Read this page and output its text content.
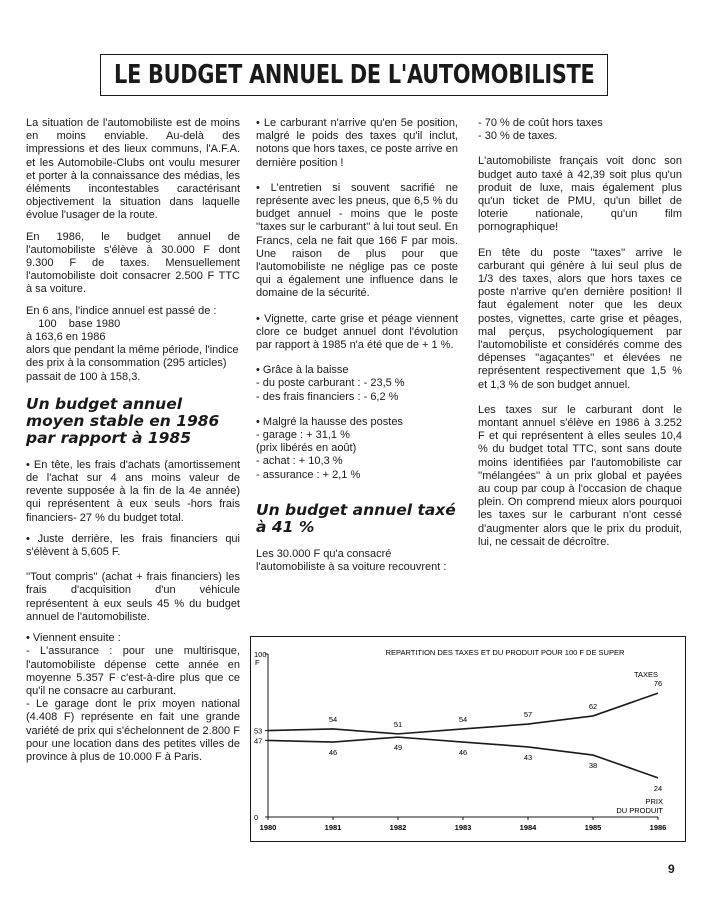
LE BUDGET ANNUEL DE L'AUTOMOBILISTE

La situation de l'automobiliste est de moins en moins enviable. Au-delà des impressions et des lieux communs, l'A.F.A. et les Automobile-Clubs ont voulu mesurer et porter à la connaissance des médias, les éléments incontestables caractérisant objectivement la situation dans laquelle évolue l'usager de la route.

En 1986, le budget annuel de l'automobiliste s'élève à 30.000 F dont 9.300 F de taxes. Mensuellement l'automobiliste doit consacrer 2.500 F TTC à sa voiture.

En 6 ans, l'indice annuel est passé de :
100    base 1980
à 163,6 en 1986
alors que pendant la même période, l'indice des prix à la consommation (295 articles) passait de 100 à 158,3.

Un budget annuel moyen stable en 1986 par rapport à 1985

• En tête, les frais d'achats (amortissement de l'achat sur 4 ans moins valeur de revente supposée à la fin de la 4e année) qui représentent à eux seuls -hors frais financiers- 27 % du budget total.

• Juste derrière, les frais financiers qui s'élèvent à 5,605 F.

''Tout compris'' (achat + frais financiers) les frais d'acquisition d'un véhicule représentent à eux seuls 45 % du budget annuel de l'automobiliste.

• Viennent ensuite :
- L'assurance : pour une multirisque, l'automobiliste dépense cette année en moyenne 5.357 F c'est-à-dire plus que ce qu'il ne consacre au carburant.
- Le garage dont le prix moyen national (4.408 F) représente en fait une grande variété de prix qui s'échelonnent de 2.800 F pour une location dans des petites villes de province à plus de 10.000 F à Paris.

• Le carburant n'arrive qu'en 5e position, malgré le poids des taxes qu'il inclut, notons que hors taxes, ce poste arrive en dernière position !

• L'entretien si souvent sacrifié ne représente avec les pneus, que 6,5 % du budget annuel - moins que le poste ''taxes sur le carburant'' à lui tout seul. En Francs, cela ne fait que 166 F par mois. Une raison de plus pour que l'automobiliste ne néglige pas ce poste qui a également une influence dans le domaine de la sécurité.

• Vignette, carte grise et péage viennent clore ce budget annuel dont l'évolution par rapport à 1985 n'a été que de + 1 %.

• Grâce à la baisse
- du poste carburant : - 23,5 %
- des frais financiers : - 6,2 %

• Malgré la hausse des postes
- garage : + 31,1 %
(prix libérés en août)
- achat : + 10,3 %
- assurance : + 2,1 %

Un budget annuel taxé à 41 %

Les 30.000 F qu'a consacré l'automobiliste à sa voiture recouvrent :

- 70 % de coût hors taxes
- 30 % de taxes.

L'automobiliste français voit donc son budget auto taxé à 42,39 soit plus qu'un produit de luxe, mais également plus qu'un ticket de PMU, qu'un billet de loterie nationale, qu'un film pornographique!

En tête du poste ''taxes'' arrive le carburant qui génère à lui seul plus de 1/3 des taxes, alors que hors taxes ce poste n'arrive qu'en dernière position! Il faut également noter que les deux postes, vignettes, carte grise et péages, mal perçus, psychologiquement par l'automobiliste et considérés comme des dépenses ''agaçantes'' et élevées ne représentent respectivement que 1,5 % et 1,3 % de son budget annuel.

Les taxes sur le carburant dont le montant annuel s'élève en 1986 à 3.252 F et qui représentent à elles seules 10,4 % du budget total TTC, sont sans doute moins identifiées par l'automobiliste car ''mélangées'' à un prix global et payées au coup par coup à l'occasion de chaque plein. On comprend mieux alors pourquoi les taxes sur le carburant n'ont cessé d'augmenter alors que le prix du produit, lui, ne cessait de décroître.

REPARTITION DES TAXES ET DU PRODUIT POUR 100 F DE SUPER
F
100
53
47
0
1980	1981	1982	1983	1984	1985	1986
54
51
54
57
62
76
46
49
46
43
38
24
TAXES
PRIX
DU PRODUIT
9
